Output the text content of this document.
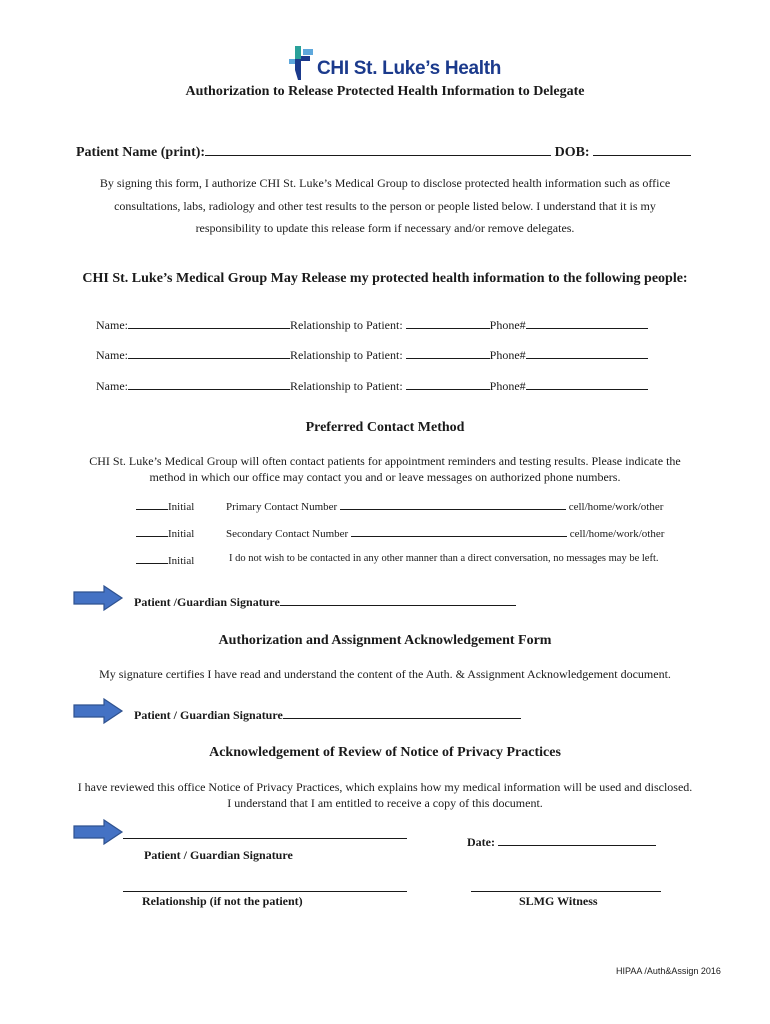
CHI St. Luke’s Health
Authorization to Release Protected Health Information to Delegate
Patient Name (print):	DOB:
By signing this form, I authorize CHI St. Luke’s Medical Group to disclose protected health information such as office
consultations, labs, radiology and other test results to the person or people listed below. I understand that it is my
responsibility to update this release form if necessary and/or remove delegates.
CHI St. Luke’s Medical Group May Release my protected health information to the following people:
Name:	Relationship to Patient:	Phone#
Name:	Relationship to Patient:	Phone#
Name:	Relationship to Patient:	Phone#
Preferred Contact Method
CHI St. Luke’s Medical Group will often contact patients for appointment reminders and testing results. Please indicate the
method in which our office may contact you and or leave messages on authorized phone numbers.
Initial	Primary Contact Number	cell/home/work/other
Initial	Secondary Contact Number	cell/home/work/other
Initial	I do not wish to be contacted in any other manner than a direct conversation, no messages may be left.
Patient /Guardian Signature
Authorization and Assignment Acknowledgement Form
My signature certifies I have read and understand the content of the Auth. & Assignment Acknowledgement document.
Patient / Guardian Signature
Acknowledgement of Review of Notice of Privacy Practices
I have reviewed this office Notice of Privacy Practices, which explains how my medical information will be used and disclosed.
I understand that I am entitled to receive a copy of this document.
Patient / Guardian Signature
Date:
Relationship (if not the patient)	SLMG Witness
HIPAA /Auth&Assign 2016
